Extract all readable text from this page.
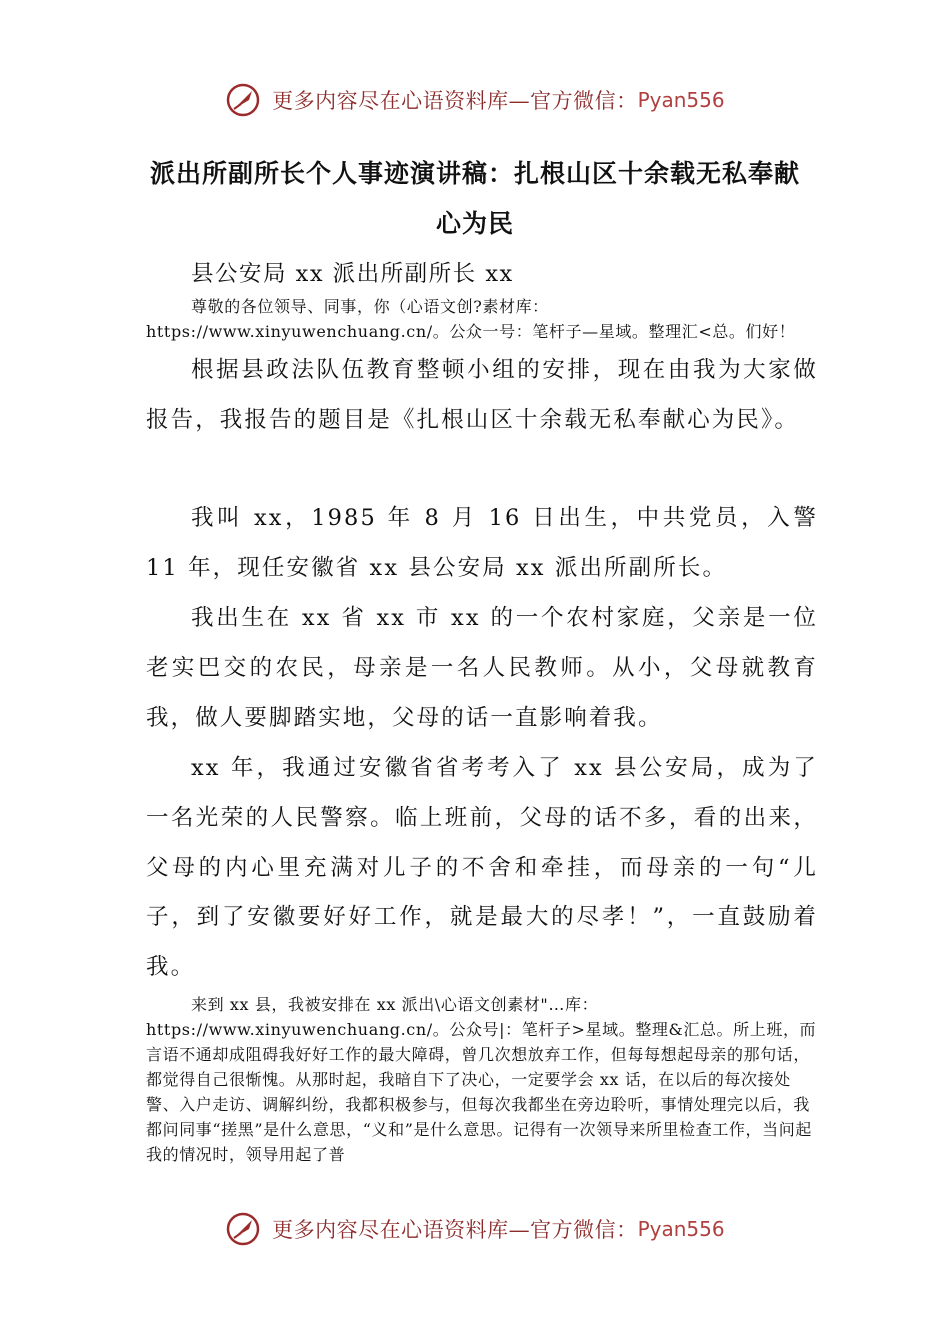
更多内容尽在心语资料库—官方微信：Pyan556
派出所副所长个人事迹演讲稿：扎根山区十余载无私奉献
心为民

县公安局 xx 派出所副所长 xx

尊敬的各位领导、同事，你（心语文创?素材库：https://www.xinyuwenchuang.cn/。公众一号：笔杆子—星域。整理汇<总。们好！

根据县政法队伍教育整顿小组的安排，现在由我为大家做报告，我报告的题目是《扎根山区十余载无私奉献心为民》。

我叫 xx，1985 年 8 月 16 日出生，中共党员，入警 11 年，现任安徽省 xx 县公安局 xx 派出所副所长。

我出生在 xx 省 xx 市 xx 的一个农村家庭，父亲是一位老实巴交的农民，母亲是一名人民教师。从小，父母就教育我，做人要脚踏实地，父母的话一直影响着我。

xx 年，我通过安徽省省考考入了 xx 县公安局，成为了一名光荣的人民警察。临上班前，父母的话不多，看的出来，父母的内心里充满对儿子的不舍和牵挂，而母亲的一句“儿子，到了安徽要好好工作，就是最大的尽孝！”，一直鼓励着我。

来到 xx 县，我被安排在 xx 派出\心语文创素材"…库：https://www.xinyuwenchuang.cn/。公众号|：笔杆子>星域。整理&汇总。所上班，而言语不通却成阻碍我好好工作的最大障碍，曾几次想放弃工作，但每每想起母亲的那句话，都觉得自己很惭愧。从那时起，我暗自下了决心，一定要学会 xx 话，在以后的每次接处警、入户走访、调解纠纷，我都积极参与，但每次我都坐在旁边聆听，事情处理完以后，我都问同事“搓黑”是什么意思，“义和”是什么意思。记得有一次领导来所里检查工作，当问起我的情况时，领导用起了普

更多内容尽在心语资料库—官方微信：Pyan556
